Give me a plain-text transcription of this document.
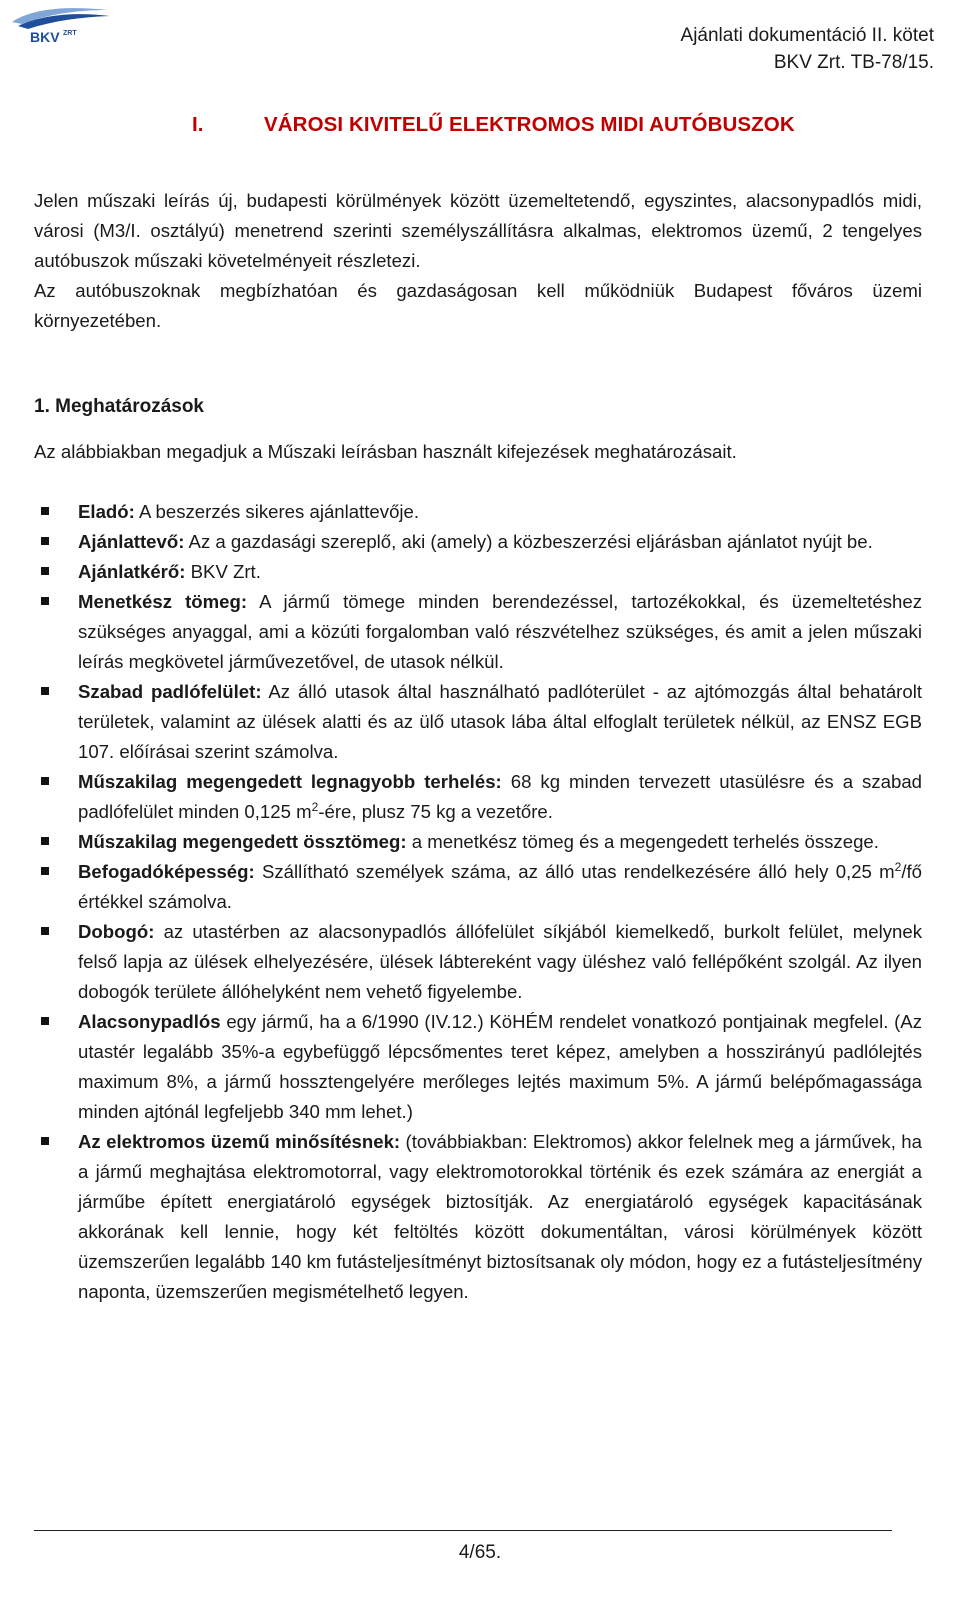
BKV ZRT	Ajánlati dokumentáció II. kötet
BKV Zrt. TB-78/15.
I.	VÁROSI KIVITELŰ ELEKTROMOS MIDI AUTÓBUSZOK

Jelen műszaki leírás új, budapesti körülmények között üzemeltetendő, egyszintes, alacsonypadlós midi, városi (M3/I. osztályú) menetrend szerinti személyszállításra alkalmas, elektromos üzemű, 2 tengelyes autóbuszok műszaki követelményeit részletezi.

Az autóbuszoknak megbízhatóan és gazdaságosan kell működniük Budapest főváros üzemi környezetében.

1. Meghatározások

Az alábbiakban megadjuk a Műszaki leírásban használt kifejezések meghatározásait.

Eladó: A beszerzés sikeres ajánlattevője.
Ajánlattevő: Az a gazdasági szereplő, aki (amely) a közbeszerzési eljárásban ajánlatot nyújt be.
Ajánlatkérő: BKV Zrt.
Menetkész tömeg: A jármű tömege minden berendezéssel, tartozékokkal, és üzemeltetéshez szükséges anyaggal, ami a közúti forgalomban való részvételhez szükséges, és amit a jelen műszaki leírás megkövetel járművezetővel, de utasok nélkül.
Szabad padlófelület: Az álló utasok által használható padlóterület - az ajtómozgás által behatárolt területek, valamint az ülések alatti és az ülő utasok lába által elfoglalt területek nélkül, az ENSZ EGB 107. előírásai szerint számolva.
Műszakilag megengedett legnagyobb terhelés: 68 kg minden tervezett utasülésre és a szabad padlófelület minden 0,125 $m^2$-ére, plusz 75 kg a vezetőre.
Műszakilag megengedett össztömeg: a menetkész tömeg és a megengedett terhelés összege.
Befogadóképesség: Szállítható személyek száma, az álló utas rendelkezésére álló hely 0,25 $m^2/fő$ értékkel számolva.
Dobogó: az utastérben az alacsonypadlós állófelület síkjából kiemelkedő, burkolt felület, melynek felső lapja az ülések elhelyezésére, ülések lábtereként vagy üléshez való fellépőként szolgál. Az ilyen dobogók területe állóhelyként nem vehető figyelembe.
Alacsonypadlós egy jármű, ha a 6/1990 (IV.12.) KöHÉM rendelet vonatkozó pontjainak megfelel. (Az utastér legalább 35%-a egybefüggő lépcsőmentes teret képez, amelyben a hosszirányú padlólejtés maximum 8%, a jármű hossztengelyére merőleges lejtés maximum 5%. A jármű belépőmagassága minden ajtónál legfeljebb 340 mm lehet.)
Az elektromos üzemű minősítésnek: (továbbiakban: Elektromos) akkor felelnek meg a járművek, ha a jármű meghajtása elektromotorral, vagy elektromotorokkal történik és ezek számára az energiát a járműbe épített energiatároló egységek biztosítják. Az energiatároló egységek kapacitásának akkorának kell lennie, hogy két feltöltés között dokumentáltan, városi körülmények között üzemszerűen legalább 140 km futásteljesítményt biztosítsanak oly módon, hogy ez a futásteljesítmény naponta, üzemszerűen megismételhető legyen.
4/65.
